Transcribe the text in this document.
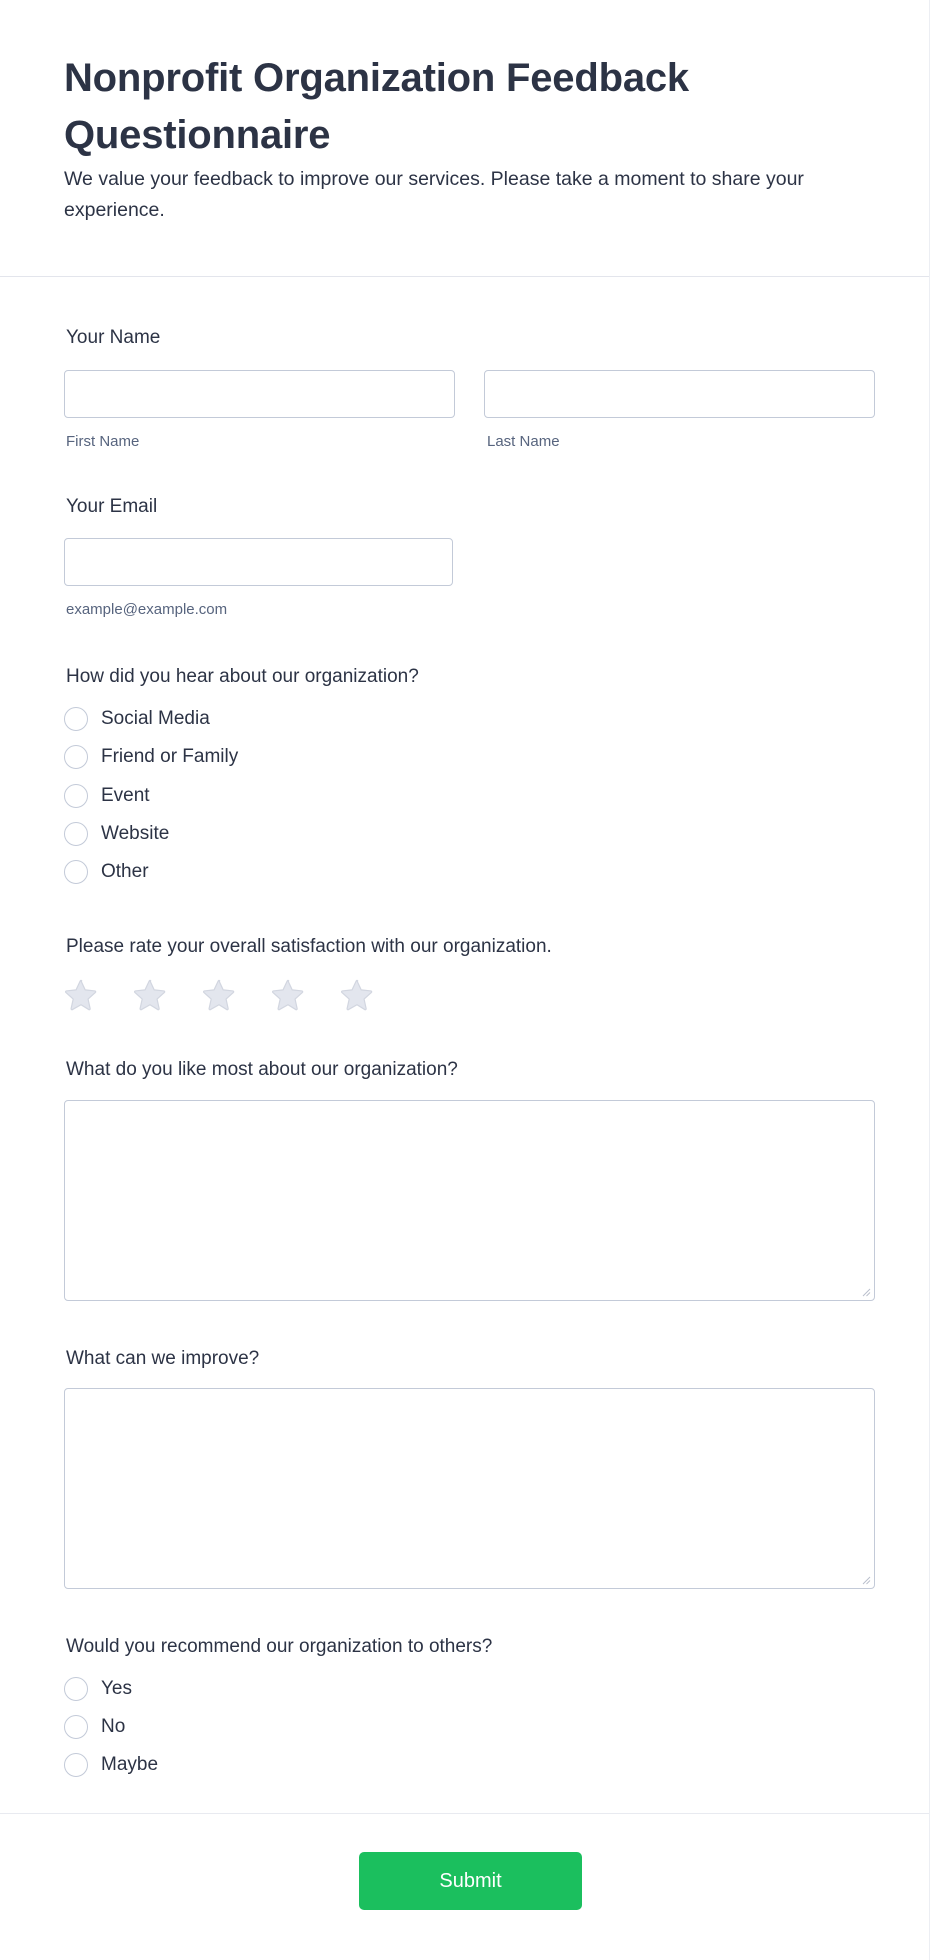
Nonprofit Organization Feedback Questionnaire

We value your feedback to improve our services. Please take a moment to share your experience.

Your Name
First Name	Last Name
Your Email
example@example.com
How did you hear about our organization?
Social Media
Friend or Family
Event
Website
Other
Please rate your overall satisfaction with our organization.
What do you like most about our organization?
What can we improve?
Would you recommend our organization to others?
Yes
No
Maybe
Submit
